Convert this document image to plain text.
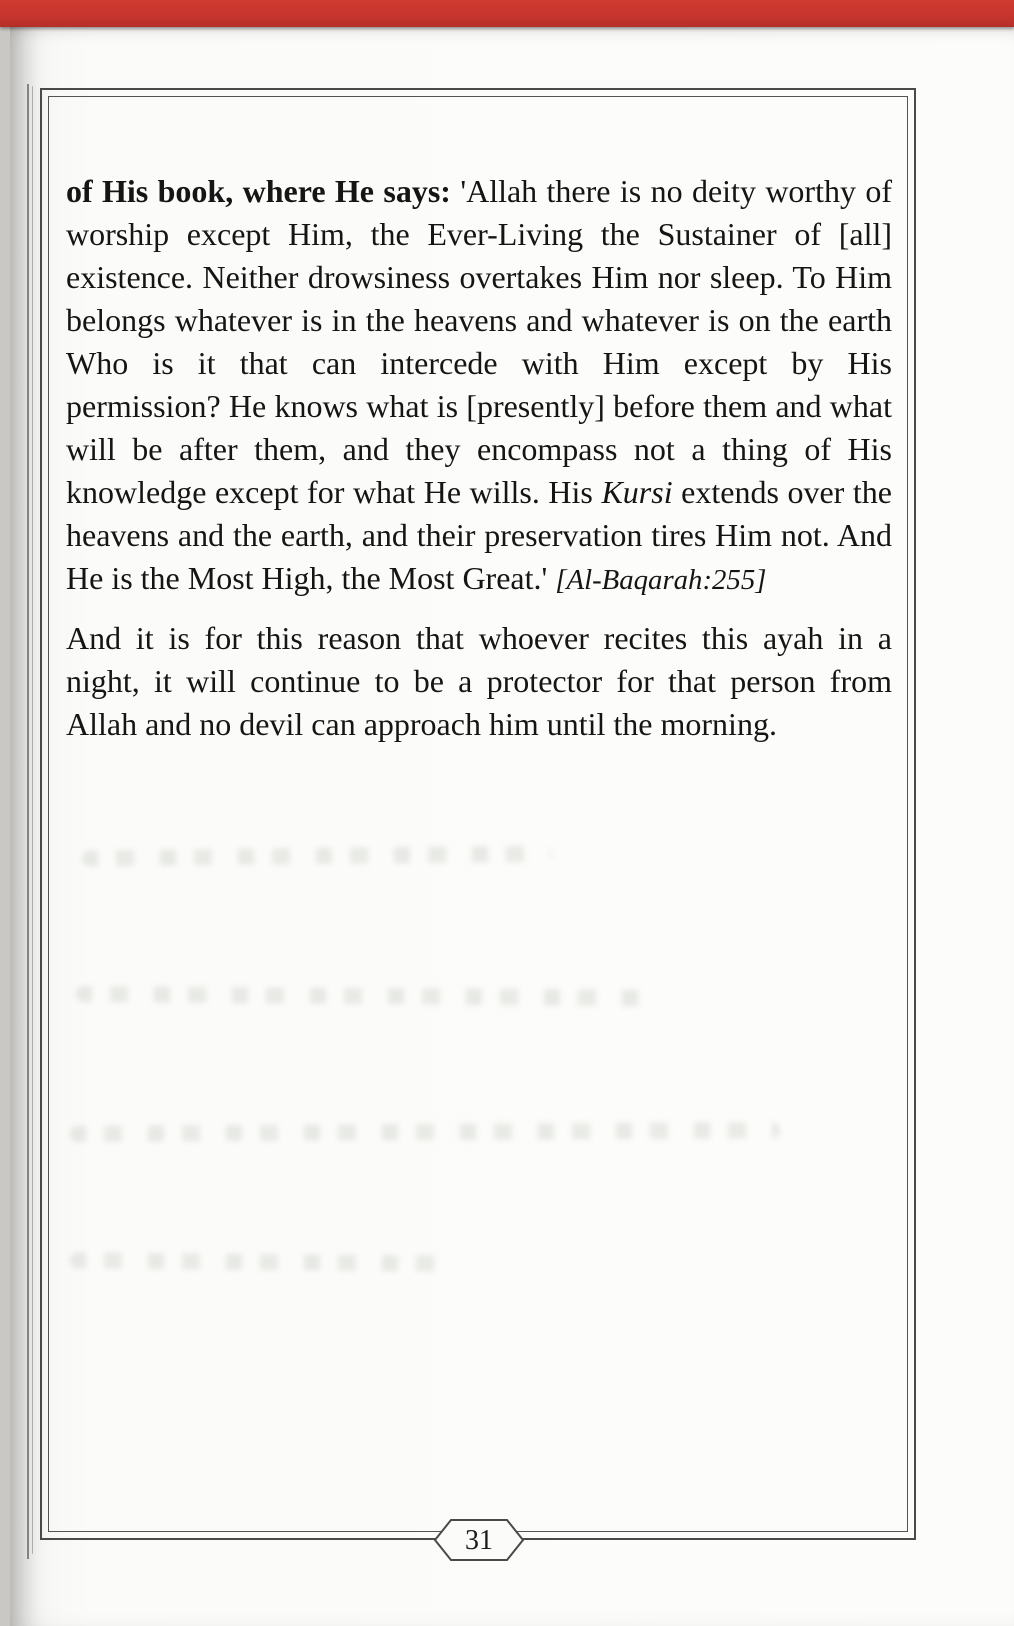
of His book, where He says: 'Allah there is no deity worthy of worship except Him, the Ever-Living the Sustainer of [all] existence. Neither drowsiness overtakes Him nor sleep. To Him belongs whatever is in the heavens and whatever is on the earth Who is it that can intercede with Him except by His permission? He knows what is [presently] before them and what will be after them, and they encompass not a thing of His knowledge except for what He wills. His Kursi extends over the heavens and the earth, and their preservation tires Him not. And He is the Most High, the Most Great.' [Al-Baqarah:255]

And it is for this reason that whoever recites this ayah in a night, it will continue to be a protector for that person from Allah and no devil can approach him until the morning.

31
